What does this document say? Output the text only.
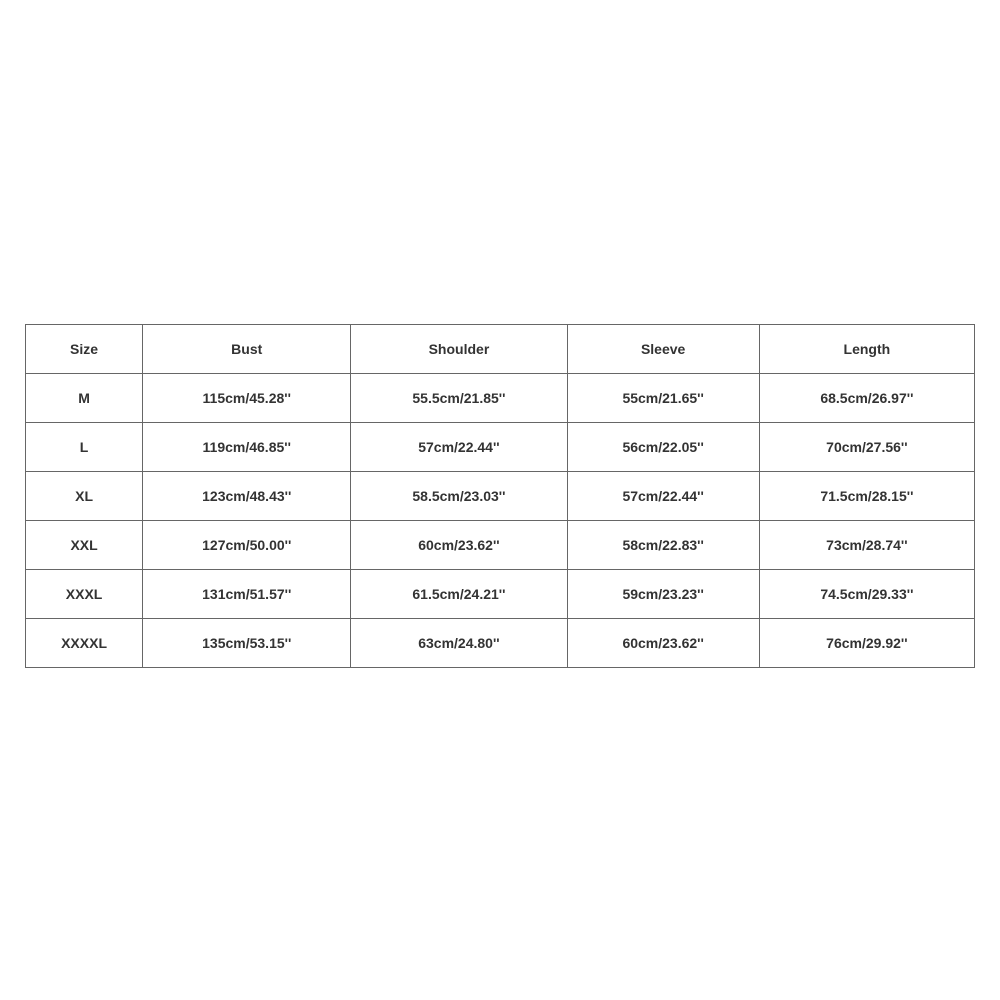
Size	Bust	Shoulder	Sleeve	Length
M	115cm/45.28''	55.5cm/21.85''	55cm/21.65''	68.5cm/26.97''
L	119cm/46.85''	57cm/22.44''	56cm/22.05''	70cm/27.56''
XL	123cm/48.43''	58.5cm/23.03''	57cm/22.44''	71.5cm/28.15''
XXL	127cm/50.00''	60cm/23.62''	58cm/22.83''	73cm/28.74''
XXXL	131cm/51.57''	61.5cm/24.21''	59cm/23.23''	74.5cm/29.33''
XXXXL	135cm/53.15''	63cm/24.80''	60cm/23.62''	76cm/29.92''
